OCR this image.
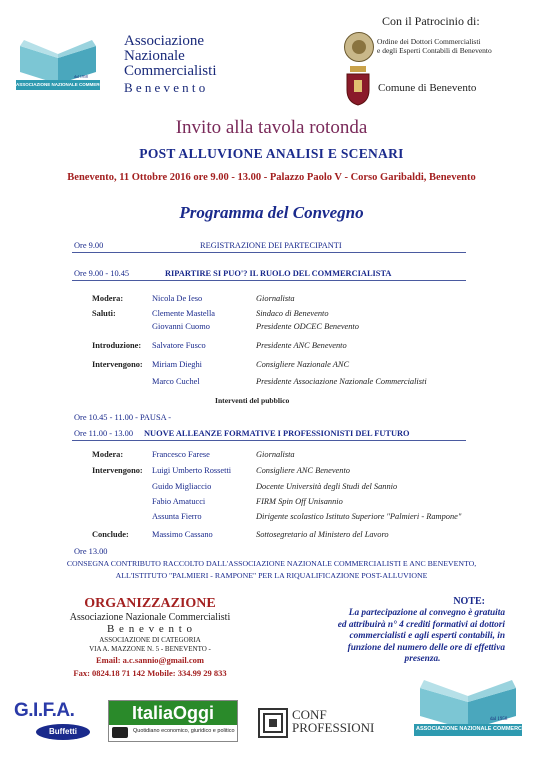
ASSOCIAZIONE NAZIONALE COMMERCIALISTI
dal 1958
Associazione
Nazionale
Commercialisti
Benevento
Con il Patrocinio di:
Ordine dei Dottori Commercialisti
e degli Esperti Contabili di Benevento
Comune di Benevento
Invito alla tavola rotonda
POST ALLUVIONE ANALISI E SCENARI
Benevento, 11 Ottobre 2016 ore 9.00 - 13.00 - Palazzo Paolo V - Corso Garibaldi, Benevento
Programma del Convegno
Ore 9.00	REGISTRAZIONE DEI PARTECIPANTI
Ore 9.00 - 10.45	RIPARTIRE SI PUO'? IL RUOLO DEL COMMERCIALISTA
Modera:	Nicola De Ieso	Giornalista
Saluti:	Clemente Mastella	Sindaco di Benevento
Giovanni Cuomo	Presidente ODCEC Benevento
Introduzione: Salvatore Fusco	Presidente ANC Benevento
Intervengono: Miriam Dieghi	Consigliere Nazionale ANC
Marco Cuchel	Presidente Associazione Nazionale Commercialisti
Interventi del pubblico
Ore 10.45 - 11.00 - PAUSA -
Ore 11.00 - 13.00 NUOVE ALLEANZE FORMATIVE I PROFESSIONISTI DEL FUTURO
Modera:	Francesco Farese	Giornalista
Intervengono: Luigi Umberto Rossetti	Consigliere ANC Benevento
Guido Migliaccio	Docente Università degli Studi del Sannio
Fabio Amatucci	FIRM Spin Off Unisannio
Assunta Fierro	Dirigente scolastico Istituto Superiore "Palmieri - Rampone"
Conclude:	Massimo Cassano	Sottosegretario al Ministero del Lavoro
Ore 13.00
CONSEGNA CONTRIBUTO RACCOLTO DALL'ASSOCIAZIONE NAZIONALE COMMERCIALISTI E ANC BENEVENTO,
ALL'ISTITUTO "PALMIERI - RAMPONE" PER LA RIQUALIFICAZIONE POST-ALLUVIONE
ORGANIZZAZIONE
Associazione Nazionale Commercialisti
B e n e v e n t o
ASSOCIAZIONE DI CATEGORIA
VIA A. MAZZONE N. 5 - BENEVENTO -
Email: a.c.sannio@gmail.com
Fax: 0824.18 71 142 Mobile: 334.99 29 833
NOTE:
La partecipazione al convegno è gratuita
ed attribuirà n° 4 crediti formativi ai dottori
commercialisti e agli esperti contabili, in
funzione del numero delle ore di effettiva
presenza.
G.I.F.A.
Buffetti
ItaliaOggi
Quotidiano economico, giuridico e politico
CONF
PROFESSIONI	ASSOCIAZIONE NAZIONALE COMMERCIALISTI
dal 1958
